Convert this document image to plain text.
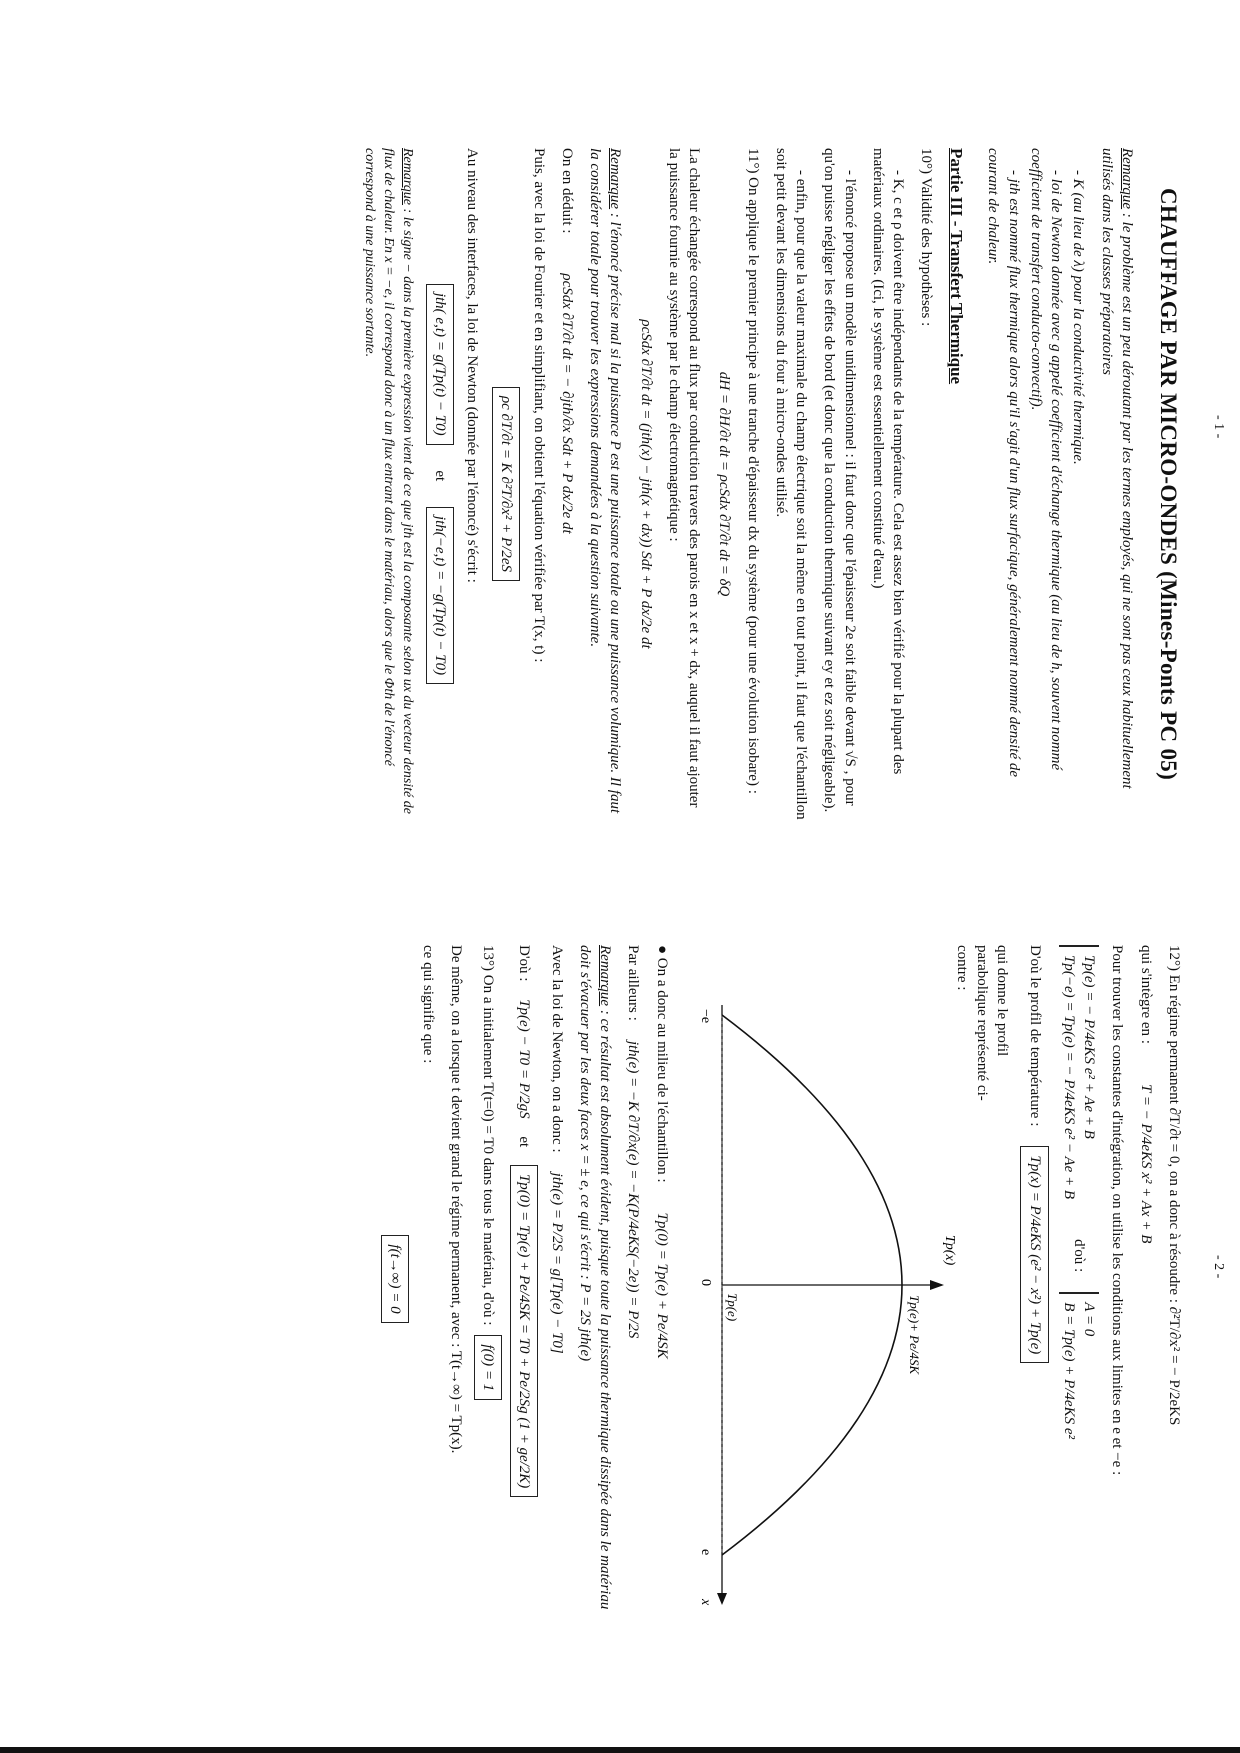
- 1 -
CHAUFFAGE PAR MICRO-ONDES (Mines-Ponts PC 05)

Remarque : le problème est un peu déroutant par les termes employés, qui ne sont pas ceux habituellement utilisés dans les classes préparatoires

- K (au lieu de λ) pour la conductivité thermique.

- loi de Newton donnée avec g appelé coefficient d'échange thermique (au lieu de h, souvent nommé coefficient de transfert conducto-convectif).

- jth est nommé flux thermique alors qu'il s'agit d'un flux surfacique, généralement nommé densité de courant de chaleur.

Partie III - Transfert Thermique

10°) Validité des hypothèses :

- K, c et ρ doivent être indépendants de la température. Cela est assez bien vérifié pour la plupart des matériaux ordinaires. (Ici, le système est essentiellement constitué d'eau.)

- l'énoncé propose un modèle unidimensionnel : il faut donc que l'épaisseur 2e soit faible devant √S , pour qu'on puisse négliger les effets de bord (et donc que la conduction thermique suivant ey et ez soit négligeable).

- enfin, pour que la valeur maximale du champ électrique soit la même en tout point, il faut que l'échantillon soit petit devant les dimensions du four à micro-ondes utilisé.

11°) On applique le premier principe à une tranche d'épaisseur dx du système (pour une évolution isobare) :

dH = ∂H/∂t dt = ρcSdx ∂T/∂t dt = δQ

La chaleur échangée correspond au flux par conduction travers des parois en x et x + dx, auquel il faut ajouter la puissance fournie au système par le champ électromagnétique :

ρcSdx ∂T/∂t dt = (jth(x) − jth(x + dx)) Sdt + P dx/2e dt

Remarque : l'énoncé précise mal si la puissance P est une puissance totale ou une puissance volumique. Il faut la considérer totale pour trouver les expressions demandées à la question suivante.

On en déduit :ρcSdx ∂T/∂t dt = − ∂jth/∂x Sdt + P dx/2e dt

Puis, avec la loi de Fourier et en simplifiant, on obtient l'équation vérifiée par T(x, t) :

ρc ∂T/∂t = K ∂²T/∂x² + P/2eS

Au niveau des interfaces, la loi de Newton (donnée par l'énoncé) s'écrit :

jth( e,t) = g(Tp(t) − T0) et jth(−e,t) = −g(Tp(t) − T0)

Remarque : le signe − dans la première expression vient de ce que jth est la composante selon ux du vecteur densité de flux de chaleur. En x = −e, il correspond donc à un flux entrant dans le matériau, alors que le Φth de l'énoncé correspond à une puissance sortante.

- 2 -

12°) En régime permanent ∂T/∂t = 0, on a donc à résoudre : ∂²T/∂x² = − P/2eKS

qui s'intègre en :T = − P/4eKS x² + Ax + B

Pour trouver les constantes d'intégration, on utilise les conditions aux limites en e et −e :

Tp(e) = − P/4eKS e² + Ae + B
Tp(−e) = Tp(e) = − P/4eKS e² − Ae + B
d'où :
A = 0
B = Tp(e) + P/4eKS e²

D'où le profil de température :Tp(x) = P/4eKS (e² − x²) + Tp(e)

qui donne le profil parabolique représenté ci-contre :

−e
0
e
x
Tp(x)
Tp(e)+ Pe/4SK
Tp(e)

● On a donc au milieu de l'échantillon :Tp(0) = Tp(e) + Pe/4SK

Par ailleurs :jth(e) = −K ∂T/∂x(e) = −K(P/4eKS(−2e)) = P/2S

Remarque : ce résultat est absolument évident, puisque toute la puissance thermique dissipée dans le matériau doit s'évacuer par les deux faces x = ± e, ce qui s'écrit : P = 2S jth(e)

Avec la loi de Newton, on a donc :jth(e) = P/2S = g[Tp(e) − T0]

D'où : Tp(e) − T0 = P/2gS et Tp(0) = Tp(e) + Pe/4SK = T0 + Pe/2Sg (1 + ge/2K)

13°) On a initialement T(t=0) = T0 dans tous le matériau, d'où :f(0) = 1

De même, on a lorsque t devient grand le régime permanent, avec : T(t→∞) = Tp(x).

ce qui signifie que :

f(t→∞) = 0
